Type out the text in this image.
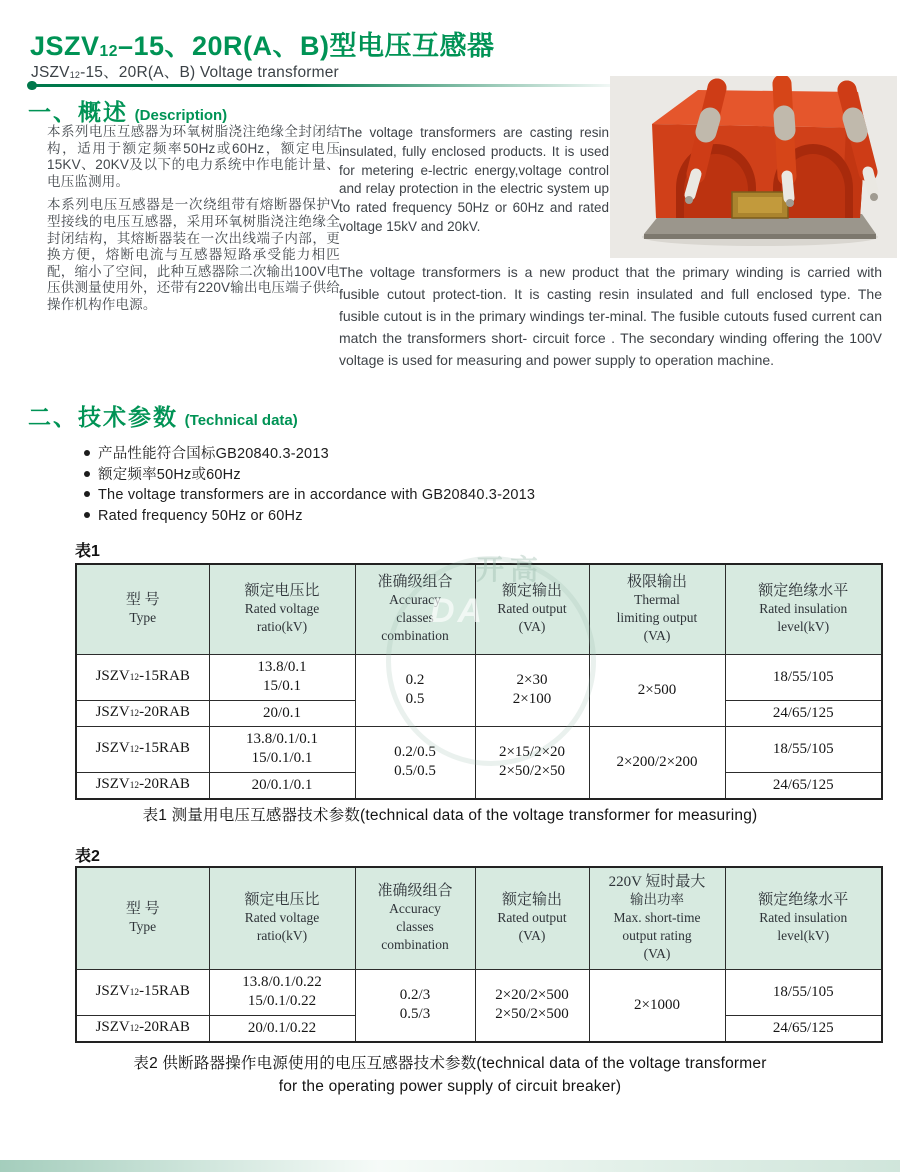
$JSZV_{12}-15$、20R(A、B)型电压互感器
$JSZV_{12}-15$、20R(A、B) Voltage transformer
一、概述 (Description)

本系列电压互感器为环氧树脂浇注绝缘全封闭结构，适用于额定频率50Hz或60Hz，额定电压15KV、20KV及以下的电力系统中作电能计量、电压监测用。

本系列电压互感器是一次绕组带有熔断器保护V型接线的电压互感器，采用环氧树脂浇注绝缘全封闭结构，其熔断器装在一次出线端子内部，更换方便，熔断电流与互感器短路承受能力相匹配，缩小了空间，此种互感器除二次输出100V电压供测量使用外，还带有220V输出电压端子供给操作机构作电源。

The voltage transformers are casting resin insulated, fully enclosed products. It is used for metering e-lectric energy,voltage control and relay protection in the electric system up to rated frequency 50Hz or 60Hz and rated voltage 15kV and 20kV.

The voltage transformers is a new product that the primary winding is carried with fusible cutout protect-tion. It is casting resin insulated and full enclosed type. The fusible cutout is in the primary windings ter-minal. The fusible cutouts fused current can match the transformers short- circuit force . The secondary winding offering the 100V voltage is used for measuring and power supply to operation machine.

二、技术参数 (Technical data)
产品性能符合国标GB20840.3-2013
额定频率50Hz或60Hz
The voltage transformers are in accordance with GB20840.3-2013
Rated frequency 50Hz or 60Hz
表1
型 号
Type	额定电压比
Rated voltage
ratio(kV)	准确级组合
Accuracy
classes
combination	额定输出
Rated output
(VA)	极限输出
Thermal
limiting output
(VA)	额定绝缘水平
Rated insulation
level(kV)
JSZV12-15RAB	13.8/0.1
15/0.1	0.2
0.5	2×30
2×100	2×500	18/55/105
JSZV12-20RAB	20/0.1				24/65/125
JSZV12-15RAB	13.8/0.1/0.1
15/0.1/0.1	0.2/0.5
0.5/0.5	2×15/2×20
2×50/2×50	2×200/2×200	18/55/105
JSZV12-20RAB	20/0.1/0.1				24/65/125
表1 测量用电压互感器技术参数(technical data of the voltage transformer for measuring)
表2
型 号
Type	额定电压比
Rated voltage
ratio(kV)	准确级组合
Accuracy
classes
combination	额定输出
Rated output
(VA)	220V 短时最大
输出功率
Max. short-time
output rating
(VA)	额定绝缘水平
Rated insulation
level(kV)
JSZV12-15RAB	13.8/0.1/0.22
15/0.1/0.22	0.2/3
0.5/3	2×20/2×500
2×50/2×500	2×1000	18/55/105
JSZV12-20RAB	20/0.1/0.22				24/65/125
表2 供断路器操作电源使用的电压互感器技术参数(technical data of the voltage transformer
for the operating power supply of circuit breaker)
开高
DA
